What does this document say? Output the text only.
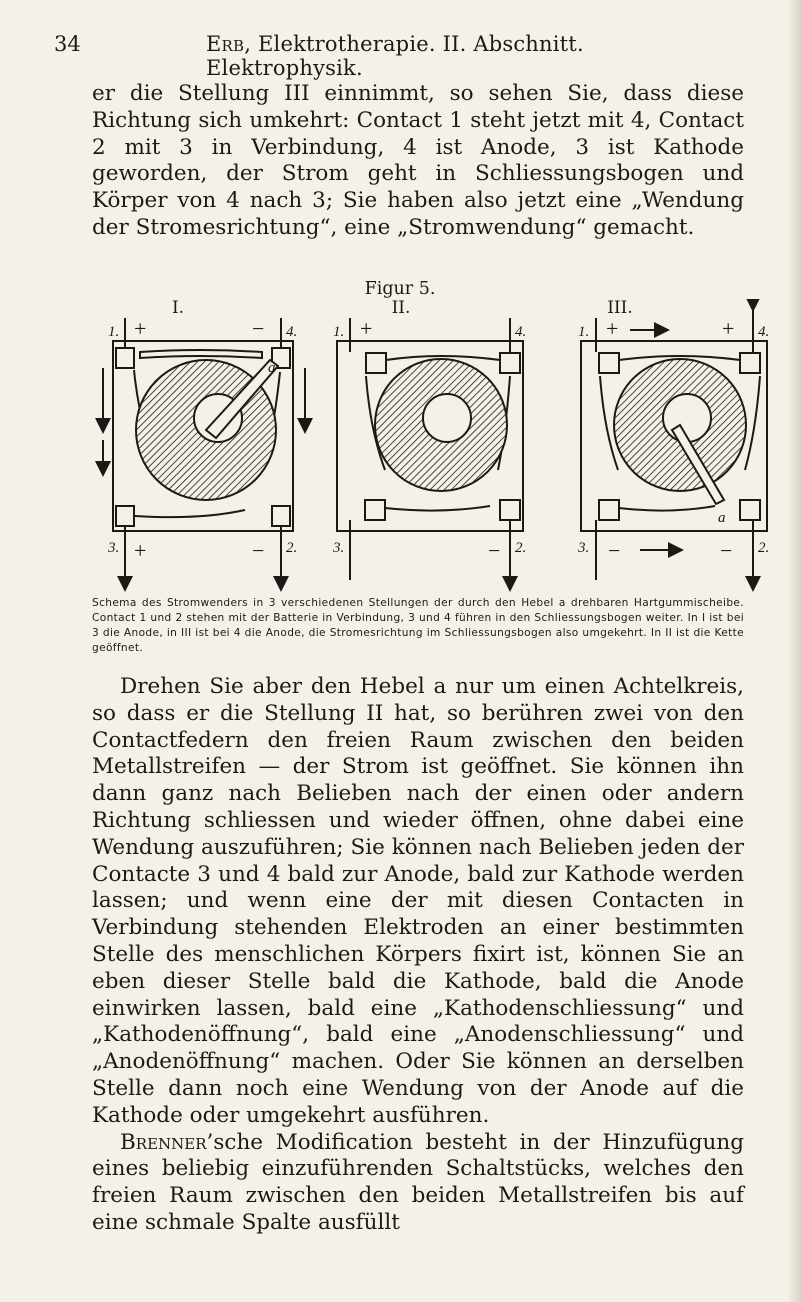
34	Erb, Elektrotherapie. II. Abschnitt. Elektrophysik.

er die Stellung III einnimmt, so sehen Sie, dass diese Richtung sich umkehrt: Contact 1 steht jetzt mit 4, Contact 2 mit 3 in Verbindung, 4 ist Anode, 3 ist Kathode geworden, der Strom geht in Schliessungsbogen und Körper von 4 nach 3; Sie haben also jetzt eine „Wendung der Stromesrichtung“, eine „Stromwendung“ gemacht.

Figur 5.
I.	II.	III.
+	−
+	−
+
−
+	+
−	−
1.	4.
3.	2.
1.	4.
3.	2.
1.	4.
3.	2.
a
a
Schema des Stromwenders in 3 verschiedenen Stellungen der durch den Hebel a drehbaren Hartgummischeibe. Contact 1 und 2 stehen mit der Batterie in Verbindung, 3 und 4 führen in den Schliessungsbogen weiter. In I ist bei 3 die Anode, in III ist bei 4 die Anode, die Stromesrichtung im Schliessungsbogen also umgekehrt. In II ist die Kette geöffnet.

Drehen Sie aber den Hebel a nur um einen Achtelkreis, so dass er die Stellung II hat, so berühren zwei von den Contactfedern den freien Raum zwischen den beiden Metallstreifen — der Strom ist geöffnet. Sie können ihn dann ganz nach Belieben nach der einen oder andern Richtung schliessen und wieder öffnen, ohne dabei eine Wendung auszuführen; Sie können nach Belieben jeden der Contacte 3 und 4 bald zur Anode, bald zur Kathode werden lassen; und wenn eine der mit diesen Contacten in Verbindung stehenden Elektroden an einer bestimmten Stelle des menschlichen Körpers fixirt ist, können Sie an eben dieser Stelle bald die Kathode, bald die Anode einwirken lassen, bald eine „Kathodenschliessung“ und „Kathodenöffnung“, bald eine „Anodenschliessung“ und „Anodenöffnung“ machen. Oder Sie können an derselben Stelle dann noch eine Wendung von der Anode auf die Kathode oder umgekehrt ausführen.

Brenner’sche Modification besteht in der Hinzufügung eines beliebig einzuführenden Schaltstücks, welches den freien Raum zwischen den beiden Metallstreifen bis auf eine schmale Spalte ausfüllt
